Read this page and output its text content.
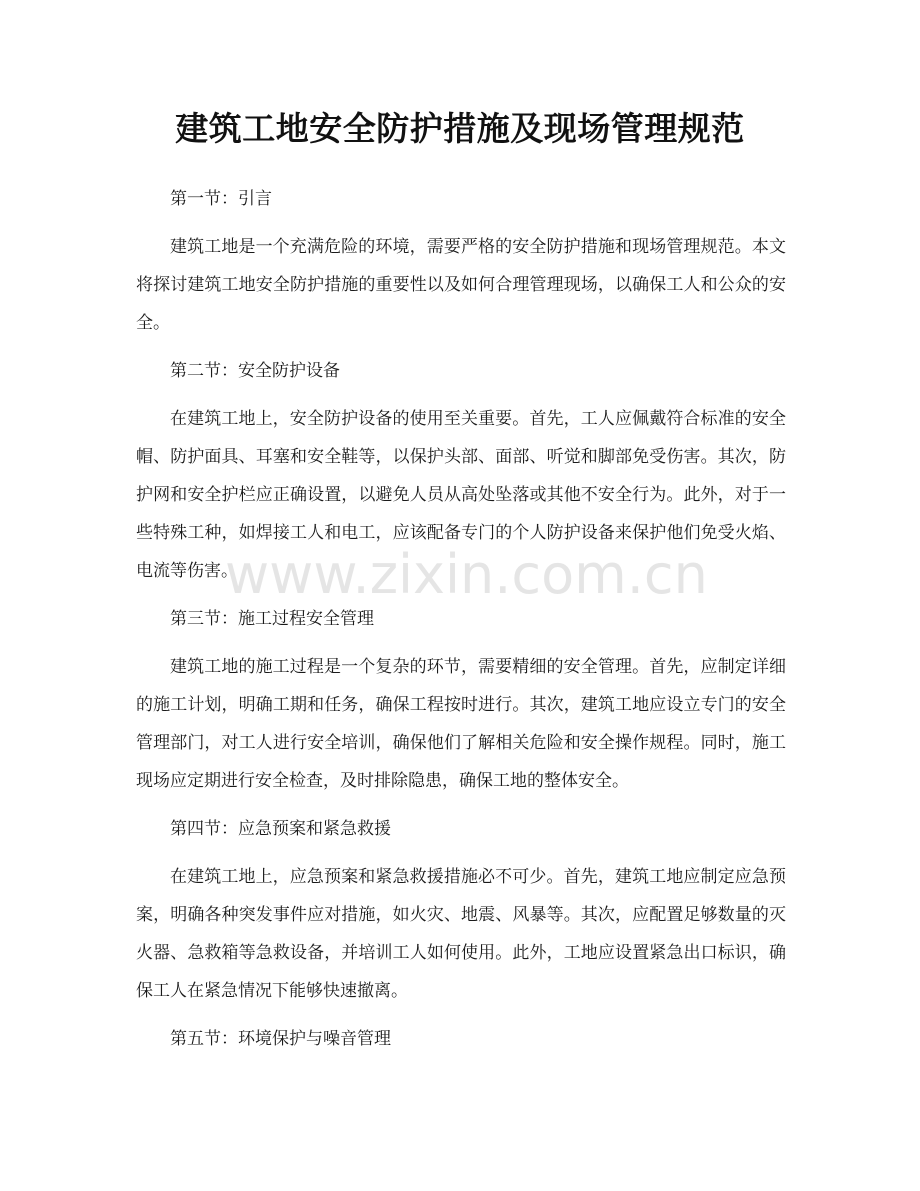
建筑工地安全防护措施及现场管理规范
第一节：引言
建筑工地是一个充满危险的环境，需要严格的安全防护措施和现场管理规范。本文将探讨建筑工地安全防护措施的重要性以及如何合理管理现场，以确保工人和公众的安全。
第二节：安全防护设备
在建筑工地上，安全防护设备的使用至关重要。首先，工人应佩戴符合标准的安全帽、防护面具、耳塞和安全鞋等，以保护头部、面部、听觉和脚部免受伤害。其次，防护网和安全护栏应正确设置，以避免人员从高处坠落或其他不安全行为。此外，对于一些特殊工种，如焊接工人和电工，应该配备专门的个人防护设备来保护他们免受火焰、电流等伤害。
第三节：施工过程安全管理
建筑工地的施工过程是一个复杂的环节，需要精细的安全管理。首先，应制定详细的施工计划，明确工期和任务，确保工程按时进行。其次，建筑工地应设立专门的安全管理部门，对工人进行安全培训，确保他们了解相关危险和安全操作规程。同时，施工现场应定期进行安全检查，及时排除隐患，确保工地的整体安全。
第四节：应急预案和紧急救援
在建筑工地上，应急预案和紧急救援措施必不可少。首先，建筑工地应制定应急预案，明确各种突发事件应对措施，如火灾、地震、风暴等。其次，应配置足够数量的灭火器、急救箱等急救设备，并培训工人如何使用。此外，工地应设置紧急出口标识，确保工人在紧急情况下能够快速撤离。
第五节：环境保护与噪音管理
www.zixin.com.cn
